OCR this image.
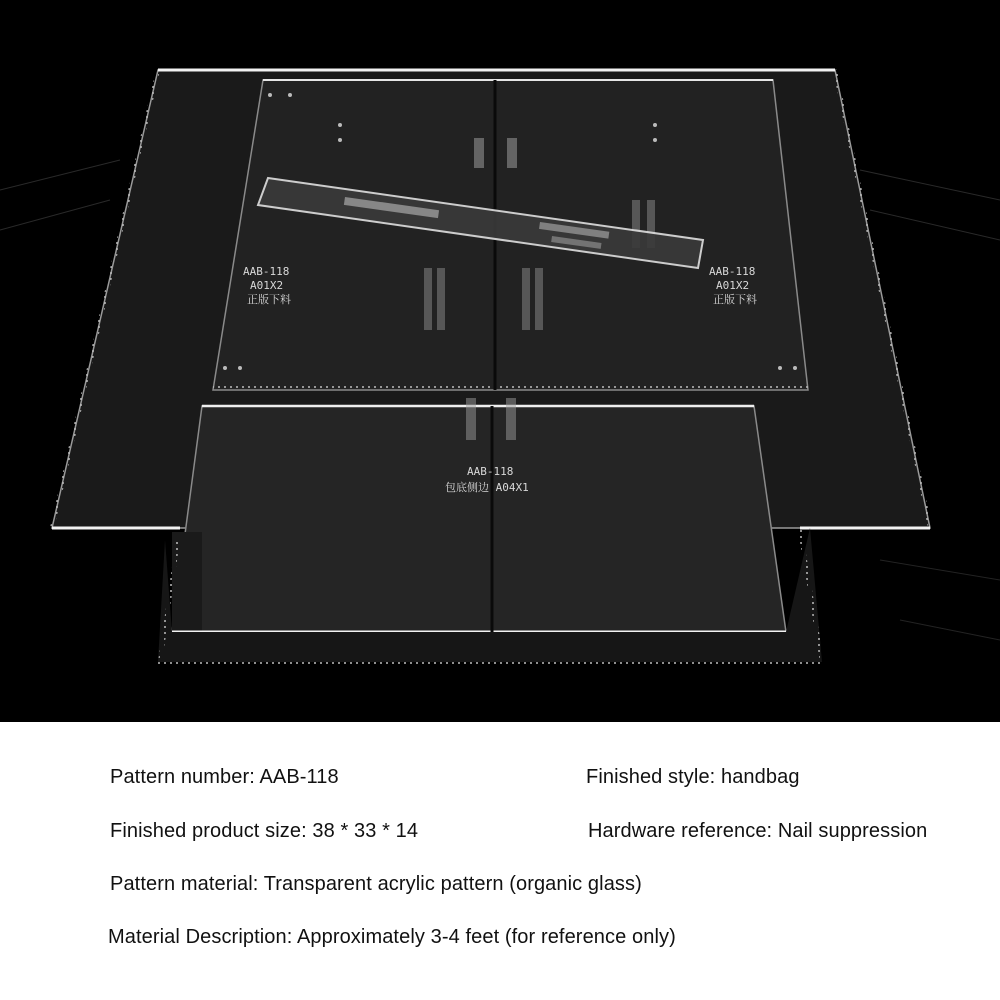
AAB-118
A01X2
正版下料
AAB-118
A01X2
正版下料
AAB-118
包底侧边 A04X1
Pattern number: AAB-118	Finished style: handbag
Finished product size: 38 * 33 * 14	Hardware reference: Nail suppression
Pattern material: Transparent acrylic pattern (organic glass)
Material Description: Approximately 3-4 feet (for reference only)
